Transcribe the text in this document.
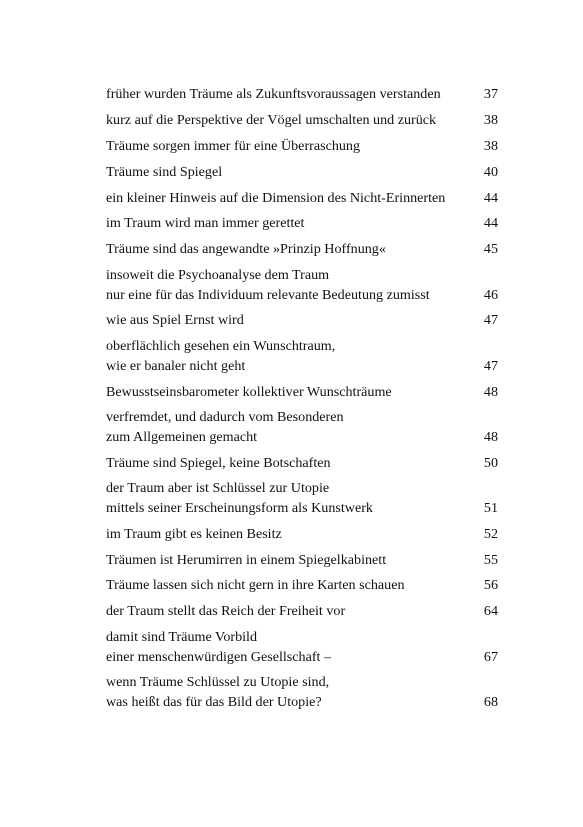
früher wurden Träume als Zukunftsvoraussagen verstanden	37
kurz auf die Perspektive der Vögel umschalten und zurück	38
Träume sorgen immer für eine Überraschung	38
Träume sind Spiegel	40
ein kleiner Hinweis auf die Dimension des Nicht-Erinnerten	44
im Traum wird man immer gerettet	44
Träume sind das angewandte »Prinzip Hoffnung«	45
insoweit die Psychoanalyse dem Traum
nur eine für das Individuum relevante Bedeutung zumisst	46
wie aus Spiel Ernst wird	47
oberflächlich gesehen ein Wunschtraum,
wie er banaler nicht geht	47
Bewusstseinsbarometer kollektiver Wunschträume	48
verfremdet, und dadurch vom Besonderen
zum Allgemeinen gemacht	48
Träume sind Spiegel, keine Botschaften	50
der Traum aber ist Schlüssel zur Utopie
mittels seiner Erscheinungsform als Kunstwerk	51
im Traum gibt es keinen Besitz	52
Träumen ist Herumirren in einem Spiegelkabinett	55
Träume lassen sich nicht gern in ihre Karten schauen	56
der Traum stellt das Reich der Freiheit vor	64
damit sind Träume Vorbild
einer menschenwürdigen Gesellschaft –	67
wenn Träume Schlüssel zu Utopie sind,
was heißt das für das Bild der Utopie?	68
